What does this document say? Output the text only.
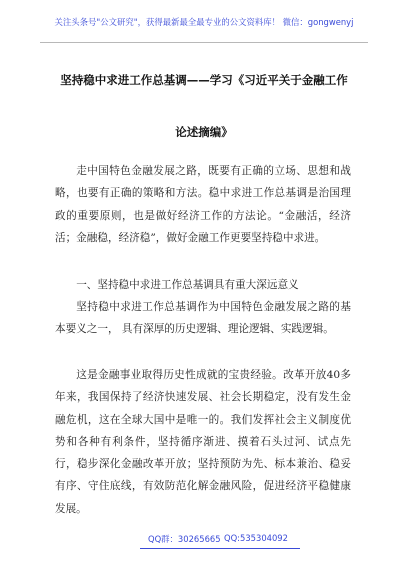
关注头条号"公文研究"，获得最新最全最专业的公文资料库！ 微信：gongwenyj
坚持稳中求进工作总基调——学习《习近平关于金融工作
论述摘编》

走中国特色金融发展之路，既要有正确的立场、思想和战略，也要有正确的策略和方法。稳中求进工作总基调是治国理政的重要原则，也是做好经济工作的方法论。“金融活，经济活；金融稳，经济稳”，做好金融工作更要坚持稳中求进。

一、坚持稳中求进工作总基调具有重大深远意义

坚持稳中求进工作总基调作为中国特色金融发展之路的基本要义之一， 具有深厚的历史逻辑、理论逻辑、实践逻辑。

这是金融事业取得历史性成就的宝贵经验。改革开放40多年来，我国保持了经济快速发展、社会长期稳定，没有发生金融危机，这在全球大国中是唯一的。我们发挥社会主义制度优势和各种有利条件，坚持循序渐进、摸着石头过河、试点先行，稳步深化金融改革开放；坚持预防为先、标本兼治、稳妥有序、守住底线，有效防范化解金融风险，促进经济平稳健康发展。

QQ群：30265665 QQ:535304092
